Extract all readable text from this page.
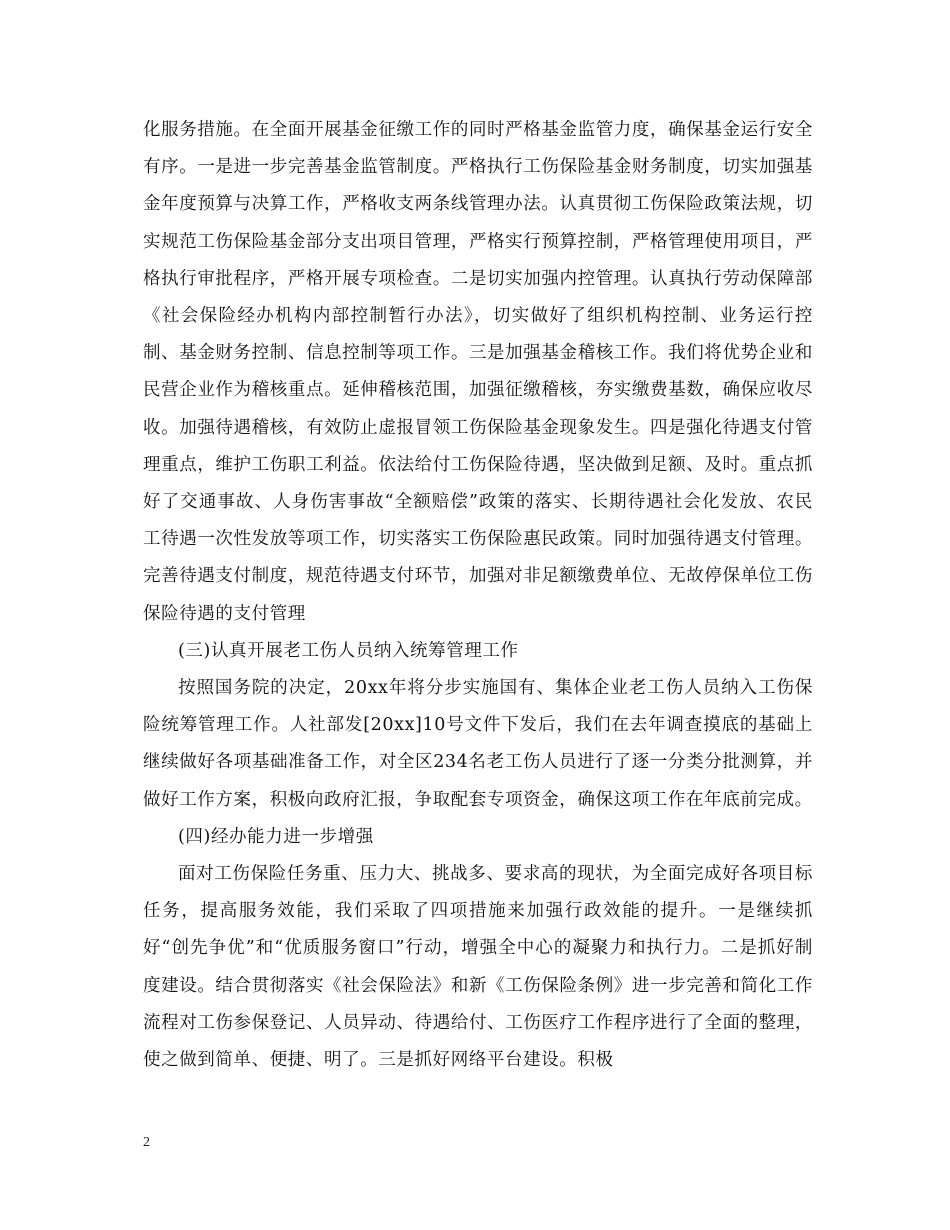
化服务措施。在全面开展基金征缴工作的同时严格基金监管力度，确保基金运行安全有序。一是进一步完善基金监管制度。严格执行工伤保险基金财务制度，切实加强基金年度预算与决算工作，严格收支两条线管理办法。认真贯彻工伤保险政策法规，切实规范工伤保险基金部分支出项目管理，严格实行预算控制，严格管理使用项目，严格执行审批程序，严格开展专项检查。二是切实加强内控管理。认真执行劳动保障部《社会保险经办机构内部控制暂行办法》，切实做好了组织机构控制、业务运行控制、基金财务控制、信息控制等项工作。三是加强基金稽核工作。我们将优势企业和民营企业作为稽核重点。延伸稽核范围，加强征缴稽核，夯实缴费基数，确保应收尽收。加强待遇稽核，有效防止虚报冒领工伤保险基金现象发生。四是强化待遇支付管理重点，维护工伤职工利益。依法给付工伤保险待遇，坚决做到足额、及时。重点抓好了交通事故、人身伤害事故“全额赔偿”政策的落实、长期待遇社会化发放、农民工待遇一次性发放等项工作，切实落实工伤保险惠民政策。同时加强待遇支付管理。完善待遇支付制度，规范待遇支付环节，加强对非足额缴费单位、无故停保单位工伤保险待遇的支付管理

(三)认真开展老工伤人员纳入统筹管理工作

按照国务院的决定，20xx年将分步实施国有、集体企业老工伤人员纳入工伤保险统筹管理工作。人社部发[20xx]10号文件下发后，我们在去年调查摸底的基础上继续做好各项基础准备工作，对全区234名老工伤人员进行了逐一分类分批测算，并做好工作方案，积极向政府汇报，争取配套专项资金，确保这项工作在年底前完成。

(四)经办能力进一步增强

面对工伤保险任务重、压力大、挑战多、要求高的现状，为全面完成好各项目标任务，提高服务效能，我们采取了四项措施来加强行政效能的提升。一是继续抓好“创先争优”和“优质服务窗口”行动，增强全中心的凝聚力和执行力。二是抓好制度建设。结合贯彻落实《社会保险法》和新《工伤保险条例》进一步完善和简化工作流程对工伤参保登记、人员异动、待遇给付、工伤医疗工作程序进行了全面的整理，使之做到简单、便捷、明了。三是抓好网络平台建设。积极

2
